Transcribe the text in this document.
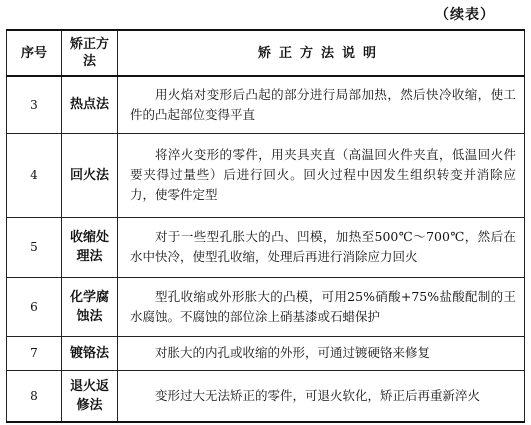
（续表）
序号	矫正方法	矫正方法说明
3	热点法	用火焰对变形后凸起的部分进行局部加热，然后快冷收缩，使工件的凸起部位变得平直
4	回火法	将淬火变形的零件，用夹具夹直（高温回火件夹直，低温回火件要夹得过量些）后进行回火。回火过程中因发生组织转变并消除应力，使零件定型
5	收缩处理法	对于一些型孔胀大的凸、凹模，加热至500℃～700℃，然后在水中快冷，使型孔收缩，处理后再进行消除应力回火
6	化学腐蚀法	型孔收缩或外形胀大的凸模，可用25%硝酸+75%盐酸配制的王水腐蚀。不腐蚀的部位涂上硝基漆或石蜡保护
7	镀铬法	对胀大的内孔或收缩的外形，可通过镀硬铬来修复
8	退火返修法	变形过大无法矫正的零件，可退火软化，矫正后再重新淬火
